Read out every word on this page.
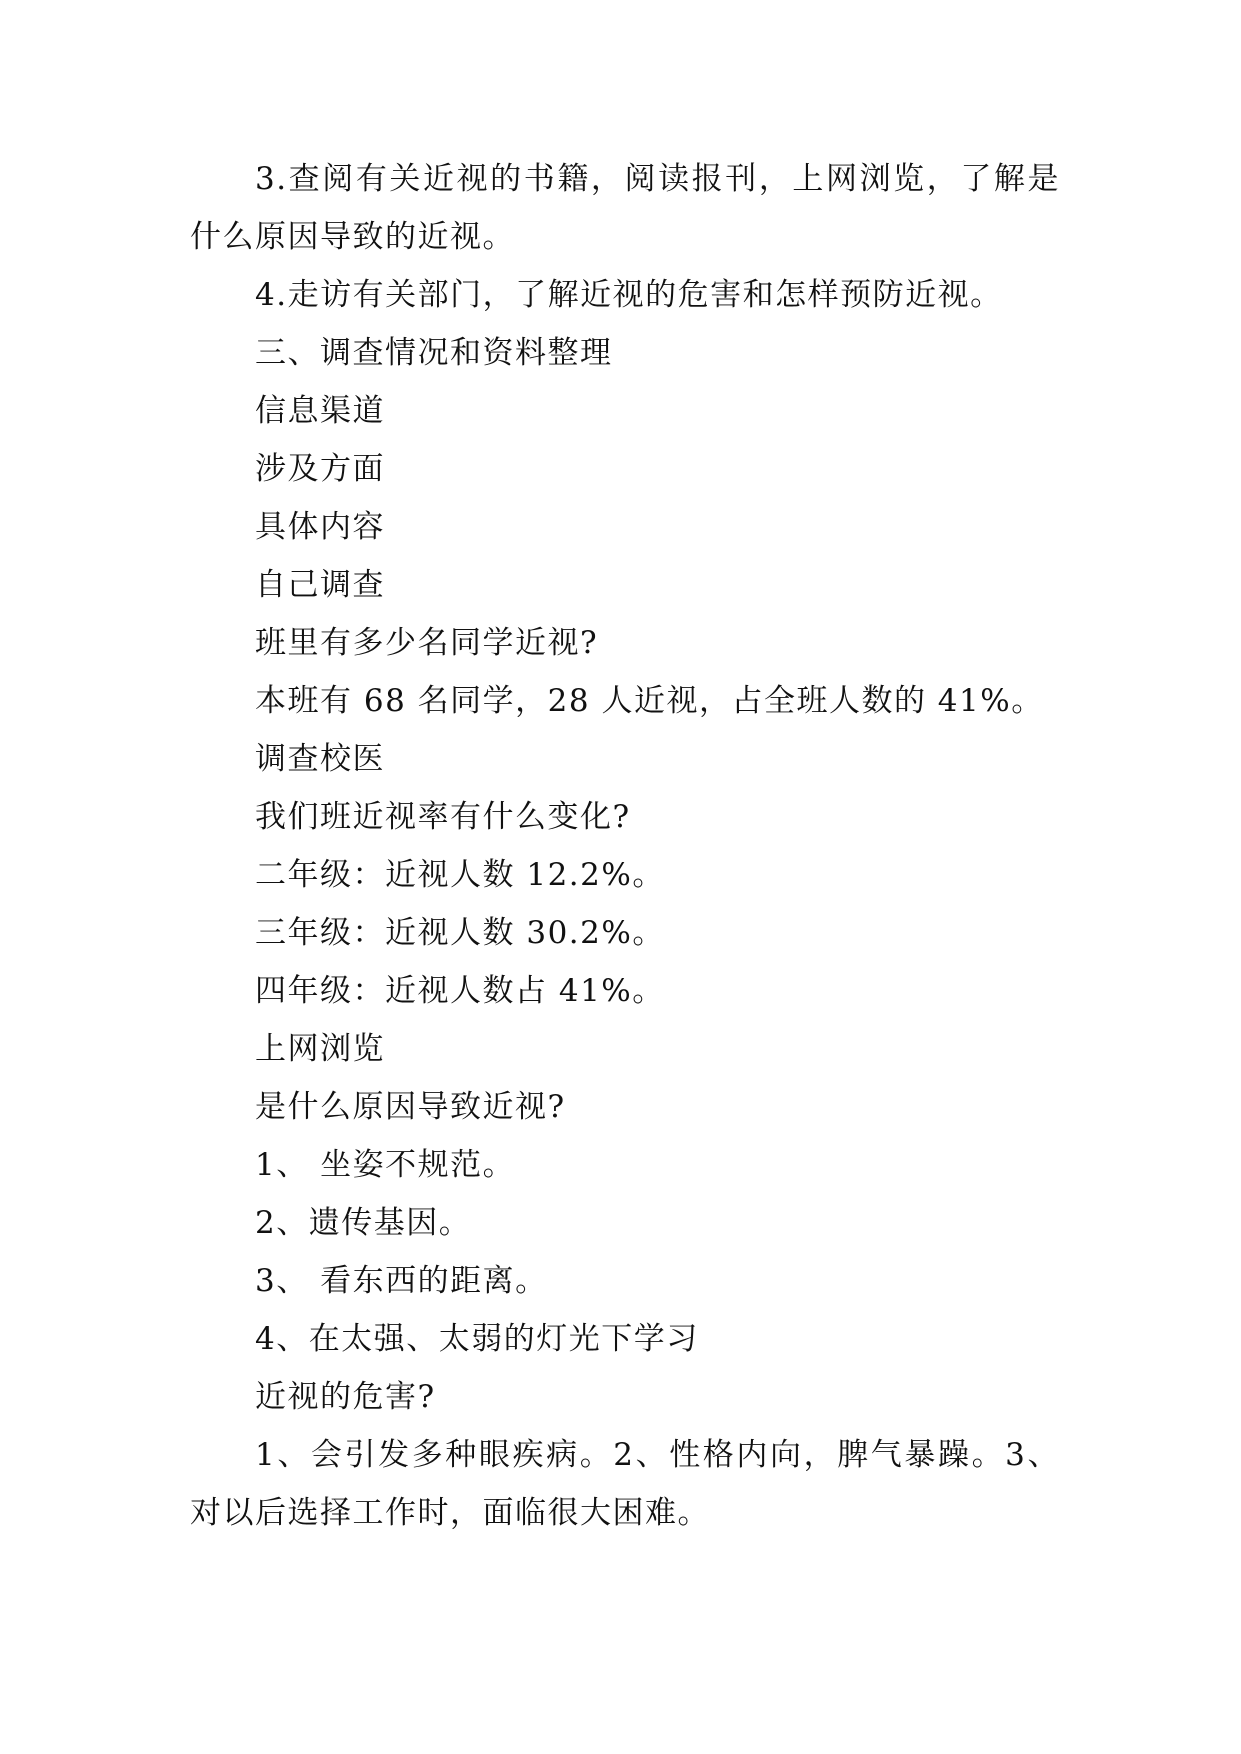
3.查阅有关近视的书籍，阅读报刊，上网浏览，了解是什么原因导致的近视。

4.走访有关部门，了解近视的危害和怎样预防近视。

三、调查情况和资料整理

信息渠道

涉及方面

具体内容

自己调查

班里有多少名同学近视?

本班有 68 名同学，28 人近视，占全班人数的 41%。

调查校医

我们班近视率有什么变化?

二年级：近视人数 12.2%。

三年级：近视人数 30.2%。

四年级：近视人数占 41%。

上网浏览

是什么原因导致近视?

1、 坐姿不规范。

2、遗传基因。

3、 看东西的距离。

4、在太强、太弱的灯光下学习

近视的危害?

1、会引发多种眼疾病。2、性格内向，脾气暴躁。3、对以后选择工作时，面临很大困难。
